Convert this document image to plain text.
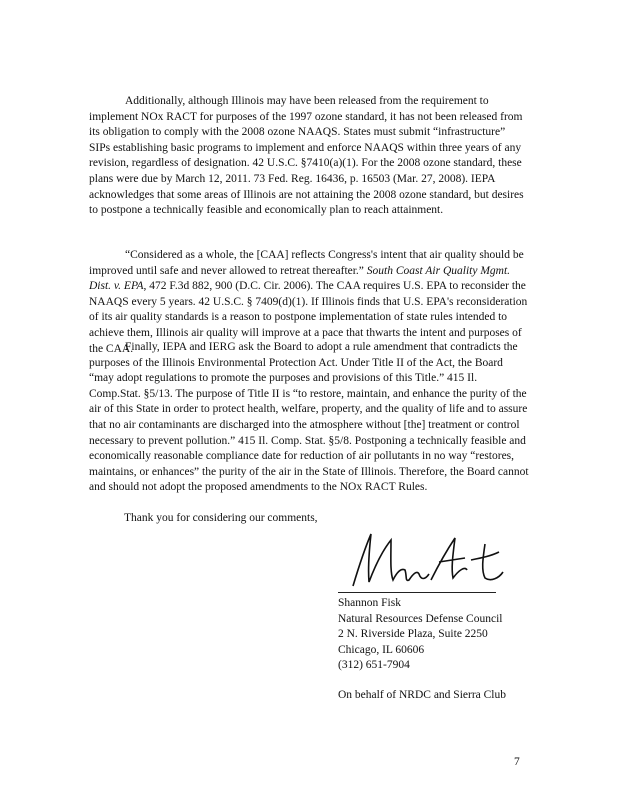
Additionally, although Illinois may have been released from the requirement to implement NOx RACT for purposes of the 1997 ozone standard, it has not been released from its obligation to comply with the 2008 ozone NAAQS. States must submit “infrastructure” SIPs establishing basic programs to implement and enforce NAAQS within three years of any revision, regardless of designation. 42 U.S.C. §7410(a)(1). For the 2008 ozone standard, these plans were due by March 12, 2011. 73 Fed. Reg. 16436, p. 16503 (Mar. 27, 2008). IEPA acknowledges that some areas of Illinois are not attaining the 2008 ozone standard, but desires to postpone a technically feasible and economically plan to reach attainment.

“Considered as a whole, the [CAA] reflects Congress's intent that air quality should be improved until safe and never allowed to retreat thereafter.” South Coast Air Quality Mgmt. Dist. v. EPA, 472 F.3d 882, 900 (D.C. Cir. 2006). The CAA requires U.S. EPA to reconsider the NAAQS every 5 years. 42 U.S.C. § 7409(d)(1). If Illinois finds that U.S. EPA's reconsideration of its air quality standards is a reason to postpone implementation of state rules intended to achieve them, Illinois air quality will improve at a pace that thwarts the intent and purposes of the CAA.

Finally, IEPA and IERG ask the Board to adopt a rule amendment that contradicts the purposes of the Illinois Environmental Protection Act. Under Title II of the Act, the Board “may adopt regulations to promote the purposes and provisions of this Title.” 415 Il. Comp.Stat. §5/13. The purpose of Title II is “to restore, maintain, and enhance the purity of the air of this State in order to protect health, welfare, property, and the quality of life and to assure that no air contaminants are discharged into the atmosphere without [the] treatment or control necessary to prevent pollution.” 415 Il. Comp. Stat. §5/8. Postponing a technically feasible and economically reasonable compliance date for reduction of air pollutants in no way “restores, maintains, or enhances” the purity of the air in the State of Illinois. Therefore, the Board cannot and should not adopt the proposed amendments to the NOx RACT Rules.

Thank you for considering our comments,
Shannon Fisk
Natural Resources Defense Council
2 N. Riverside Plaza, Suite 2250
Chicago, IL 60606
(312) 651-7904
On behalf of NRDC and Sierra Club
7
